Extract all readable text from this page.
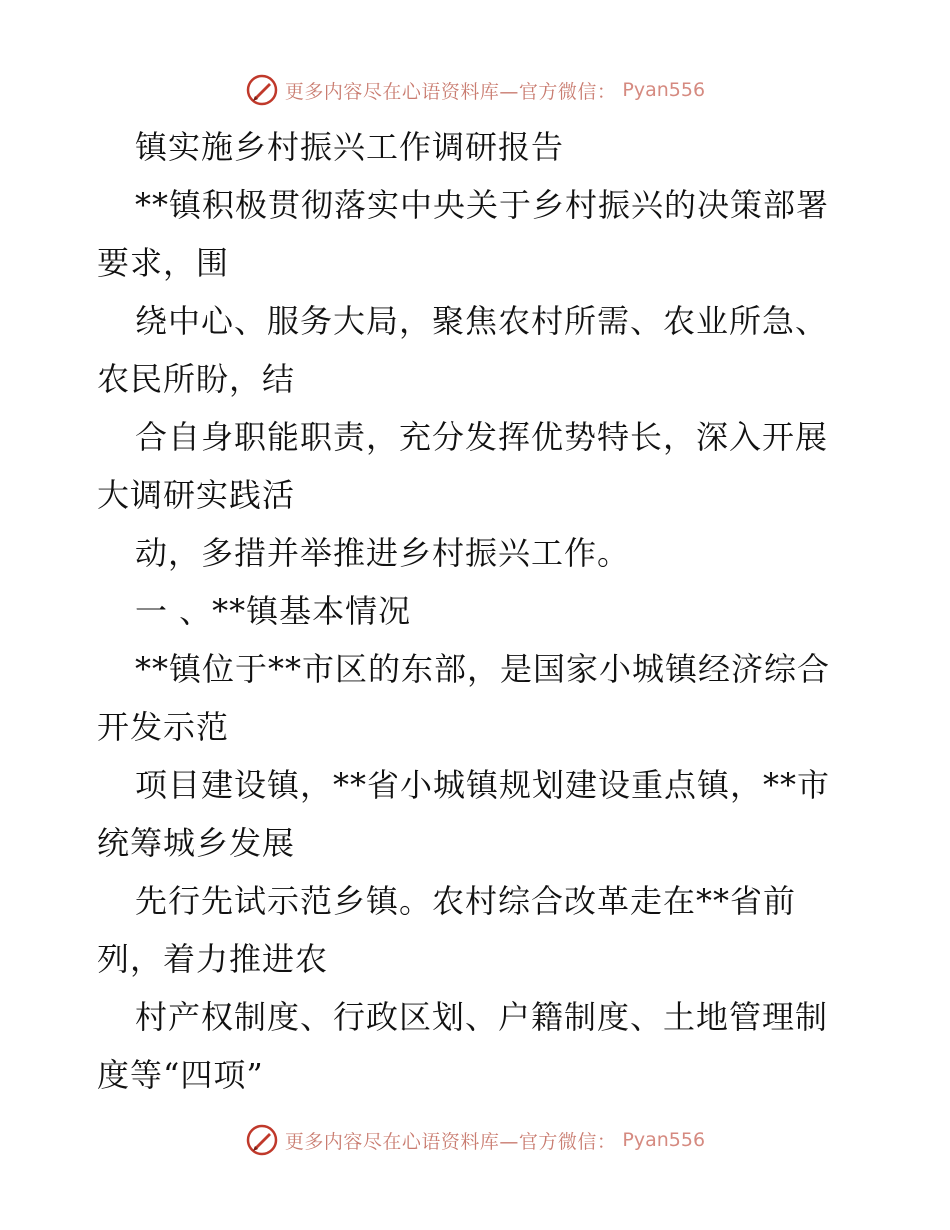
更多内容尽在心语资料库—官方微信： Pyan556
镇实施乡村振兴工作调研报告
**镇积极贯彻落实中央关于乡村振兴的决策部署
要求，围
绕中心、服务大局，聚焦农村所需、农业所急、
农民所盼，结
合自身职能职责，充分发挥优势特长，深入开展
大调研实践活
动，多措并举推进乡村振兴工作。
一 、**镇基本情况
**镇位于**市区的东部，是国家小城镇经济综合
开发示范
项目建设镇，**省小城镇规划建设重点镇，**市
统筹城乡发展
先行先试示范乡镇。农村综合改革走在**省前
列，着力推进农
村产权制度、行政区划、户籍制度、土地管理制
度等“四项”
更多内容尽在心语资料库—官方微信： Pyan556
